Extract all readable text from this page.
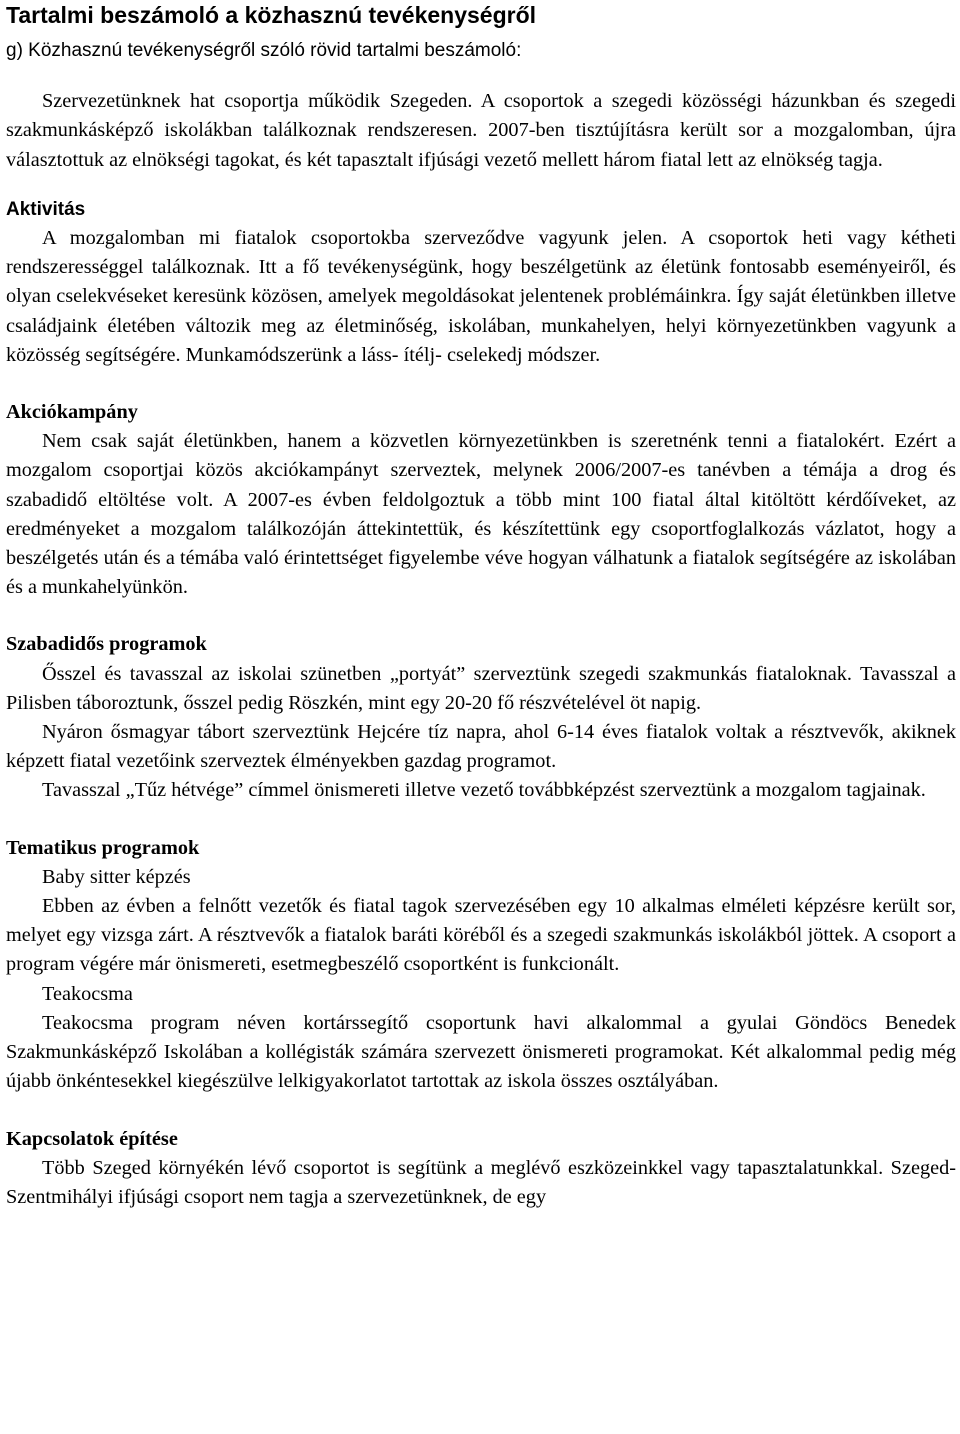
Tartalmi beszámoló a közhasznú tevékenységről

g) Közhasznú tevékenységről szóló rövid tartalmi beszámoló:

Szervezetünknek hat csoportja működik Szegeden. A csoportok a szegedi közösségi házunkban és szegedi szakmunkásképző iskolákban találkoznak rendszeresen. 2007-ben tisztújításra került sor a mozgalomban, újra választottuk az elnökségi tagokat, és két tapasztalt ifjúsági vezető mellett három fiatal lett az elnökség tagja.

Aktivitás

A mozgalomban mi fiatalok csoportokba szerveződve vagyunk jelen. A csoportok heti vagy kétheti rendszerességgel találkoznak. Itt a fő tevékenységünk, hogy beszélgetünk az életünk fontosabb eseményeiről, és olyan cselekvéseket keresünk közösen, amelyek megoldásokat jelentenek problémáinkra. Így saját életünkben illetve családjaink életében változik meg az életminőség, iskolában, munkahelyen, helyi környezetünkben vagyunk a közösség segítségére. Munkamódszerünk a láss- ítélj- cselekedj módszer.

Akciókampány

Nem csak saját életünkben, hanem a közvetlen környezetünkben is szeretnénk tenni a fiatalokért. Ezért a mozgalom csoportjai közös akciókampányt szerveztek, melynek 2006/2007-es tanévben a témája a drog és szabadidő eltöltése volt. A 2007-es évben feldolgoztuk a több mint 100 fiatal által kitöltött kérdőíveket, az eredményeket a mozgalom találkozóján áttekintettük, és készítettünk egy csoportfoglalkozás vázlatot, hogy a beszélgetés után és a témába való érintettséget figyelembe véve hogyan válhatunk a fiatalok segítségére az iskolában és a munkahelyünkön.

Szabadidős programok

Ősszel és tavasszal az iskolai szünetben „portyát” szerveztünk szegedi szakmunkás fiataloknak. Tavasszal a Pilisben táboroztunk, ősszel pedig Röszkén, mint egy 20-20 fő részvételével öt napig.

Nyáron ősmagyar tábort szerveztünk Hejcére tíz napra, ahol 6-14 éves fiatalok voltak a résztvevők, akiknek képzett fiatal vezetőink szerveztek élményekben gazdag programot.

Tavasszal „Tűz hétvége” címmel önismereti illetve vezető továbbképzést szerveztünk a mozgalom tagjainak.

Tematikus programok

Baby sitter képzés

Ebben az évben a felnőtt vezetők és fiatal tagok szervezésében egy 10 alkalmas elméleti képzésre került sor, melyet egy vizsga zárt. A résztvevők a fiatalok baráti köréből és a szegedi szakmunkás iskolákból jöttek. A csoport a program végére már önismereti, esetmegbeszélő csoportként is funkcionált.

Teakocsma

Teakocsma program néven kortárssegítő csoportunk havi alkalommal a gyulai Göndöcs Benedek Szakmunkásképző Iskolában a kollégisták számára szervezett önismereti programokat. Két alkalommal pedig még újabb önkéntesekkel kiegészülve lelkigyakorlatot tartottak az iskola összes osztályában.

Kapcsolatok építése

Több Szeged környékén lévő csoportot is segítünk a meglévő eszközeinkkel vagy tapasztalatunkkal. Szeged-Szentmihályi ifjúsági csoport nem tagja a szervezetünknek, de egy
